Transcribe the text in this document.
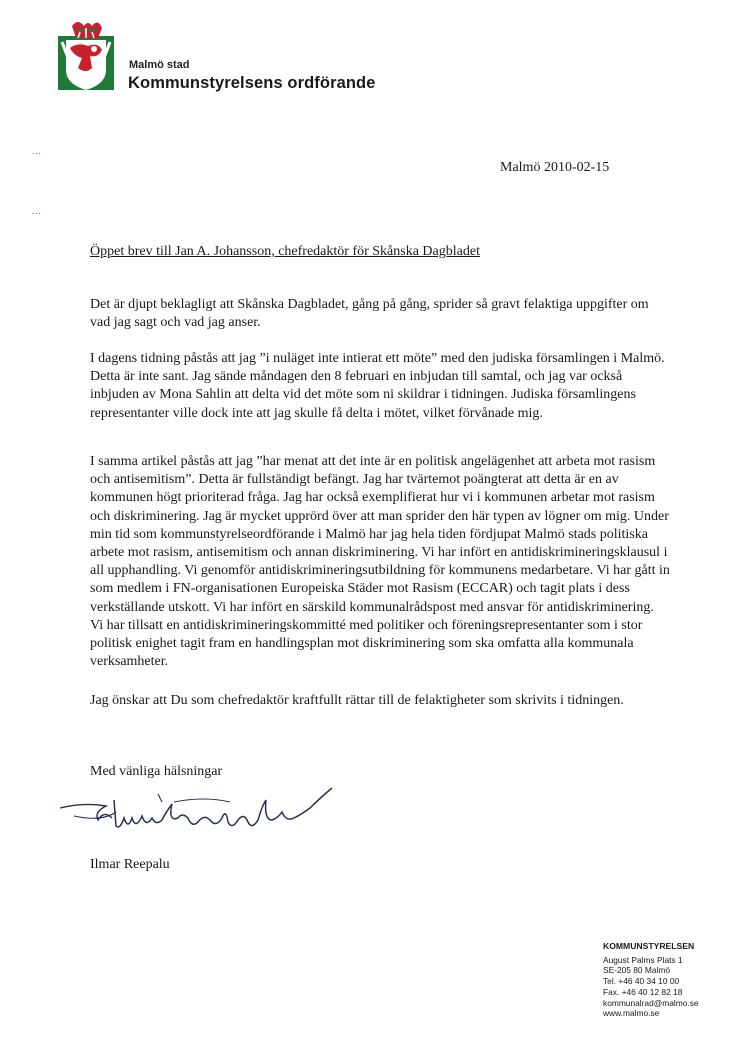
Malmö stad
Kommunstyrelsens ordförande
...
...
Malmö 2010-02-15
Öppet brev till Jan A. Johansson, chefredaktör för Skånska Dagbladet

Det är djupt beklagligt att Skånska Dagbladet, gång på gång, sprider så gravt felaktiga uppgifter om vad jag sagt och vad jag anser.

I dagens tidning påstås att jag ”i nuläget inte intierat ett möte” med den judiska församlingen i Malmö. Detta är inte sant. Jag sände måndagen den 8 februari en inbjudan till samtal, och jag var också inbjuden av Mona Sahlin att delta vid det möte som ni skildrar i tidningen. Judiska församlingens representanter ville dock inte att jag skulle få delta i mötet, vilket förvånade mig.

I samma artikel påstås att jag ”har menat att det inte är en politisk angelägenhet att arbeta mot rasism och antisemitism”. Detta är fullständigt befängt. Jag har tvärtemot poängterat att detta är en av kommunen högt prioriterad fråga. Jag har också exemplifierat hur vi i kommunen arbetar mot rasism och diskriminering. Jag är mycket upprörd över att man sprider den här typen av lögner om mig. Under min tid som kommunstyrelseordförande i Malmö har jag hela tiden fördjupat Malmö stads politiska arbete mot rasism, antisemitism och annan diskriminering. Vi har infört en antidiskrimineringsklausul i all upphandling. Vi genomför antidiskrimineringsutbildning för kommunens medarbetare. Vi har gått in som medlem i FN-organisationen Europeiska Städer mot Rasism (ECCAR) och tagit plats i dess verkställande utskott. Vi har infört en särskild kommunalrådspost med ansvar för antidiskriminering. Vi har tillsatt en antidiskrimineringskommitté med politiker och föreningsrepresentanter som i stor politisk enighet tagit fram en handlingsplan mot diskriminering som ska omfatta alla kommunala verksamheter.

Jag önskar att Du som chefredaktör kraftfullt rättar till de felaktigheter som skrivits i tidningen.

Med vänliga hälsningar
Ilmar Reepalu
KOMMUNSTYRELSEN
August Palms Plats 1
SE-205 80 Malmö
Tel. +46 40 34 10 00
Fax. +46 40 12 82 18
kommunalrad@malmo.se
www.malmo.se
